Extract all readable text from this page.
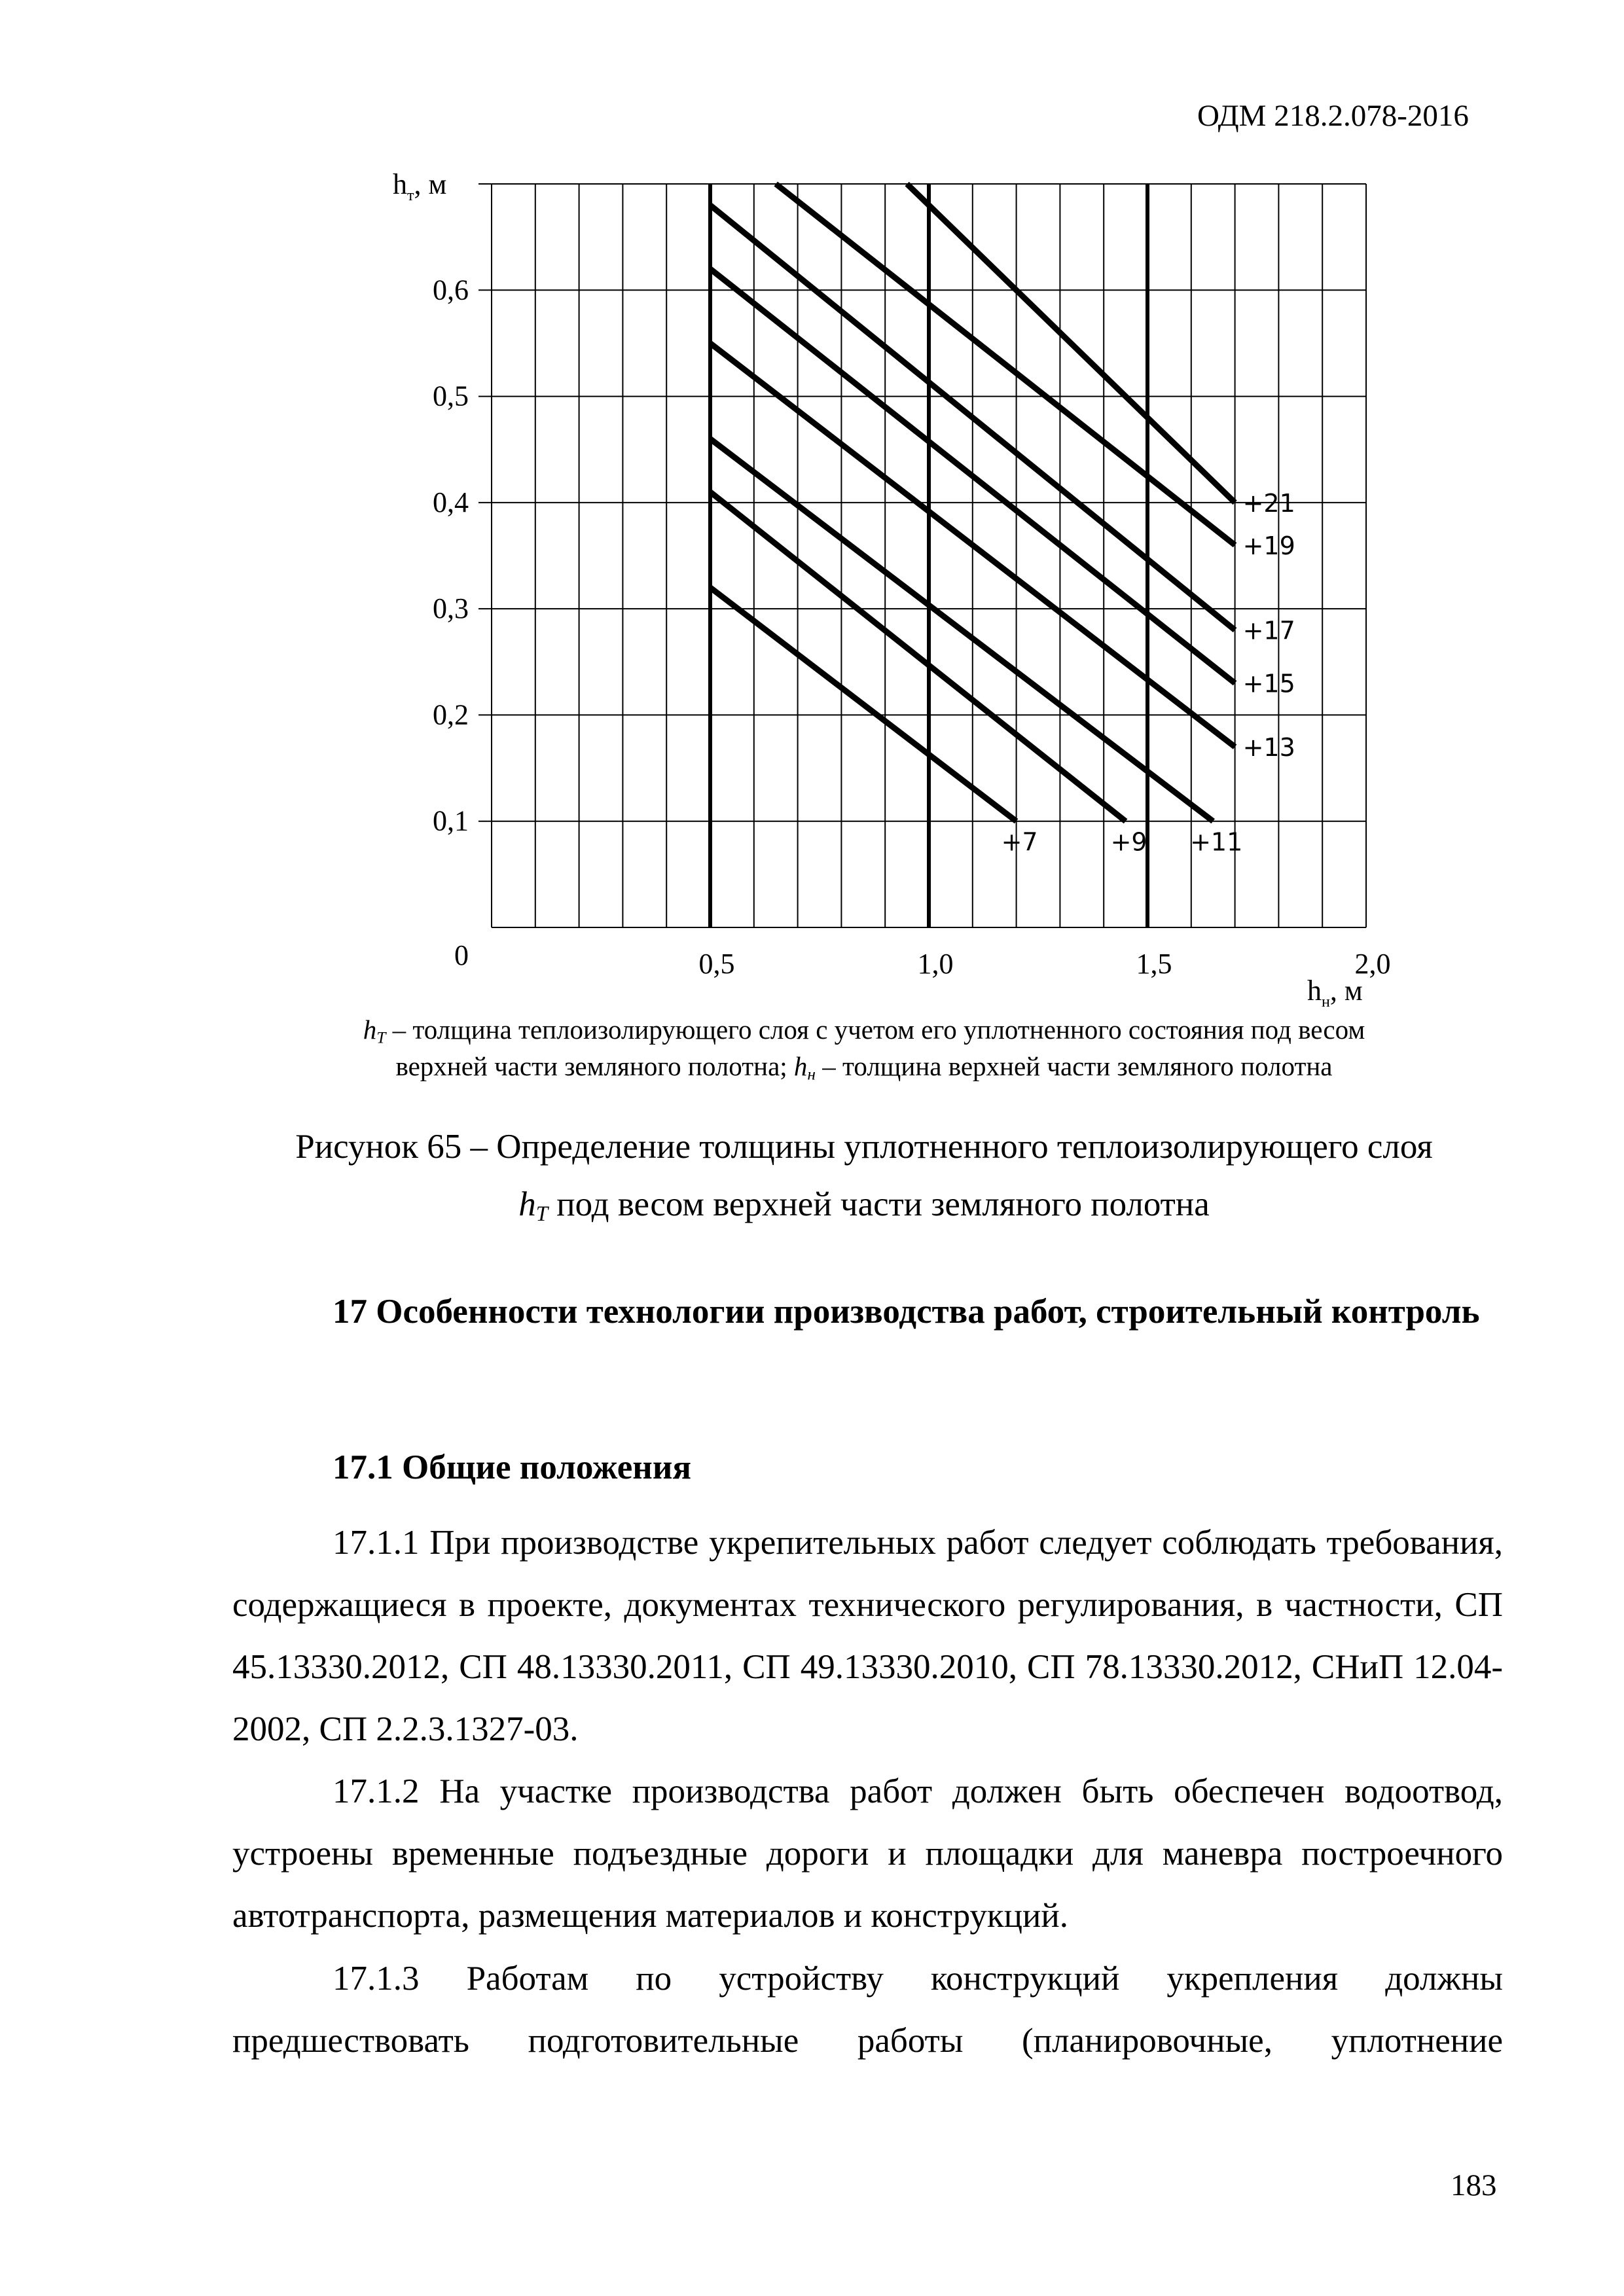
ОДМ 218.2.078-2016
+7	+9 +11
+13
+15
+17
+19
+21
0,1
0,2
0,3
0,4
0,5
0,6
0,5	1,0	1,5	2,0
$h_т$, м
$h_н$, м
0
$h_T$ – толщина теплоизолирующего слоя с учетом его уплотненного состояния под весом
верхней части земляного полотна; $h_н$ – толщина верхней части земляного полотна
Рисунок 65 – Определение толщины уплотненного теплоизолирующего слоя
$h_T$ под весом верхней части земляного полотна
17 Особенности технологии производства работ, строительный контроль
17.1 Общие положения
17.1.1 При производстве укрепительных работ следует соблюдать требования, содержащиеся в проекте, документах технического регулирования, в частности, СП 45.13330.2012, СП 48.13330.2011, СП 49.13330.2010, СП 78.13330.2012, СНиП 12.04-2002, СП 2.2.3.1327-03.
17.1.2 На участке производства работ должен быть обеспечен водоотвод, устроены временные подъездные дороги и площадки для маневра построечного автотранспорта, размещения материалов и конструкций.
17.1.3 Работам по устройству конструкций укрепления должны предшествовать подготовительные работы (планировочные, уплотнение
183
